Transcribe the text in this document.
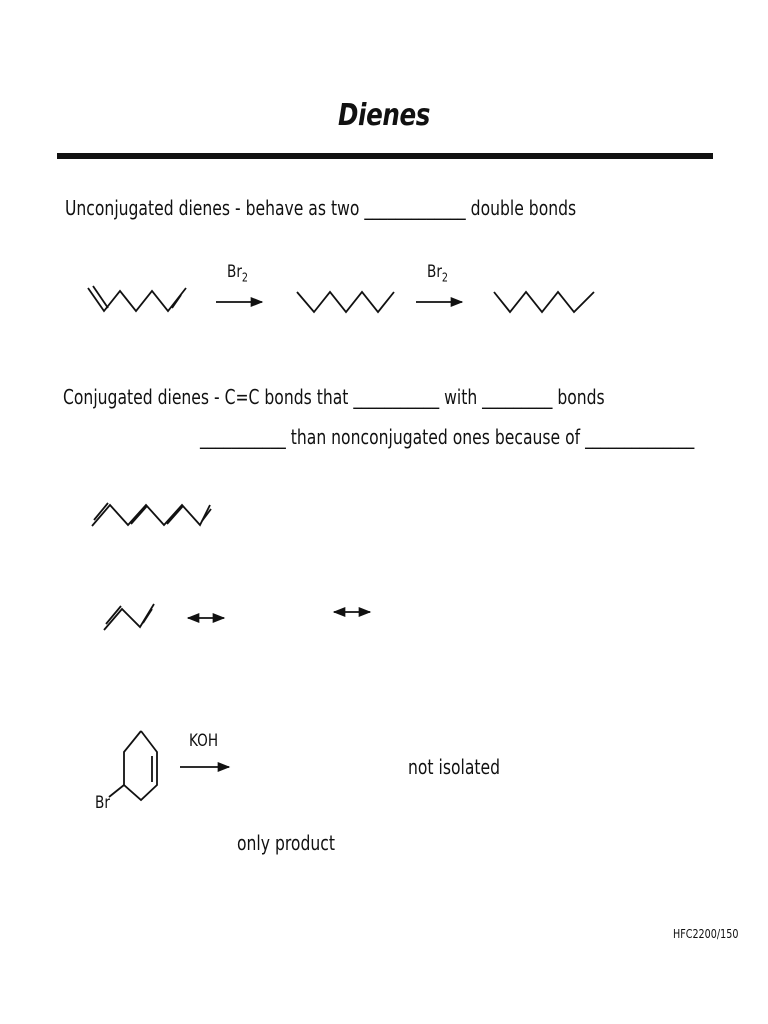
Dienes
Unconjugated dienes - behave as two _____________ double bonds
$Br_2$	$Br_2$
Conjugated dienes - C=C bonds that ___________ with _________ bonds
___________ than nonconjugated ones because of ______________
KOH
Br
not isolated
only product
HFC2200/150
